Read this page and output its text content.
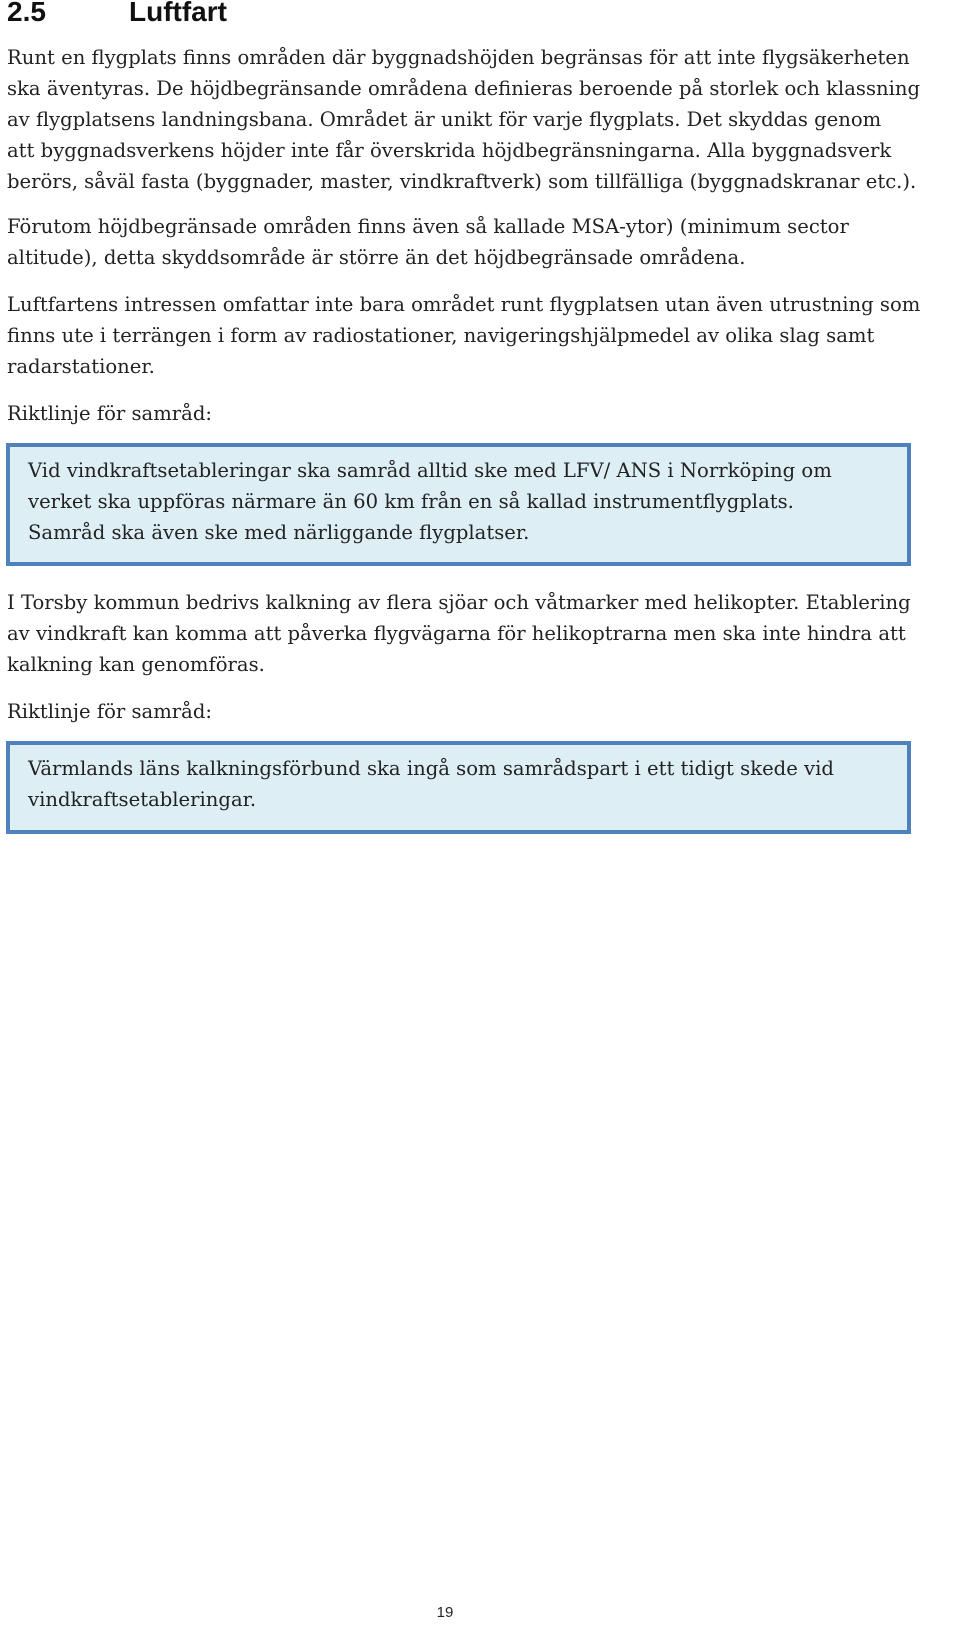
2.5	Luftfart

Runt en flygplats finns områden där byggnadshöjden begränsas för att inte flygsäkerheten
ska äventyras. De höjdbegränsande områdena definieras beroende på storlek och klassning
av flygplatsens landningsbana. Området är unikt för varje flygplats. Det skyddas genom
att byggnadsverkens höjder inte får överskrida höjdbegränsningarna. Alla byggnadsverk
berörs, såväl fasta (byggnader, master, vindkraftverk) som tillfälliga (byggnadskranar etc.).

Förutom höjdbegränsade områden finns även så kallade MSA-ytor) (minimum sector
altitude), detta skyddsområde är större än det höjdbegränsade områdena.

Luftfartens intressen omfattar inte bara området runt flygplatsen utan även utrustning som
finns ute i terrängen i form av radiostationer, navigeringshjälpmedel av olika slag samt
radarstationer.

Riktlinje för samråd:

Vid vindkraftsetableringar ska samråd alltid ske med LFV/ ANS i Norrköping om
verket ska uppföras närmare än 60 km från en så kallad instrumentflygplats.
Samråd ska även ske med närliggande flygplatser.

I Torsby kommun bedrivs kalkning av flera sjöar och våtmarker med helikopter. Etablering
av vindkraft kan komma att påverka flygvägarna för helikoptrarna men ska inte hindra att
kalkning kan genomföras.

Riktlinje för samråd:

Värmlands läns kalkningsförbund ska ingå som samrådspart i ett tidigt skede vid
vindkraftsetableringar.

19
